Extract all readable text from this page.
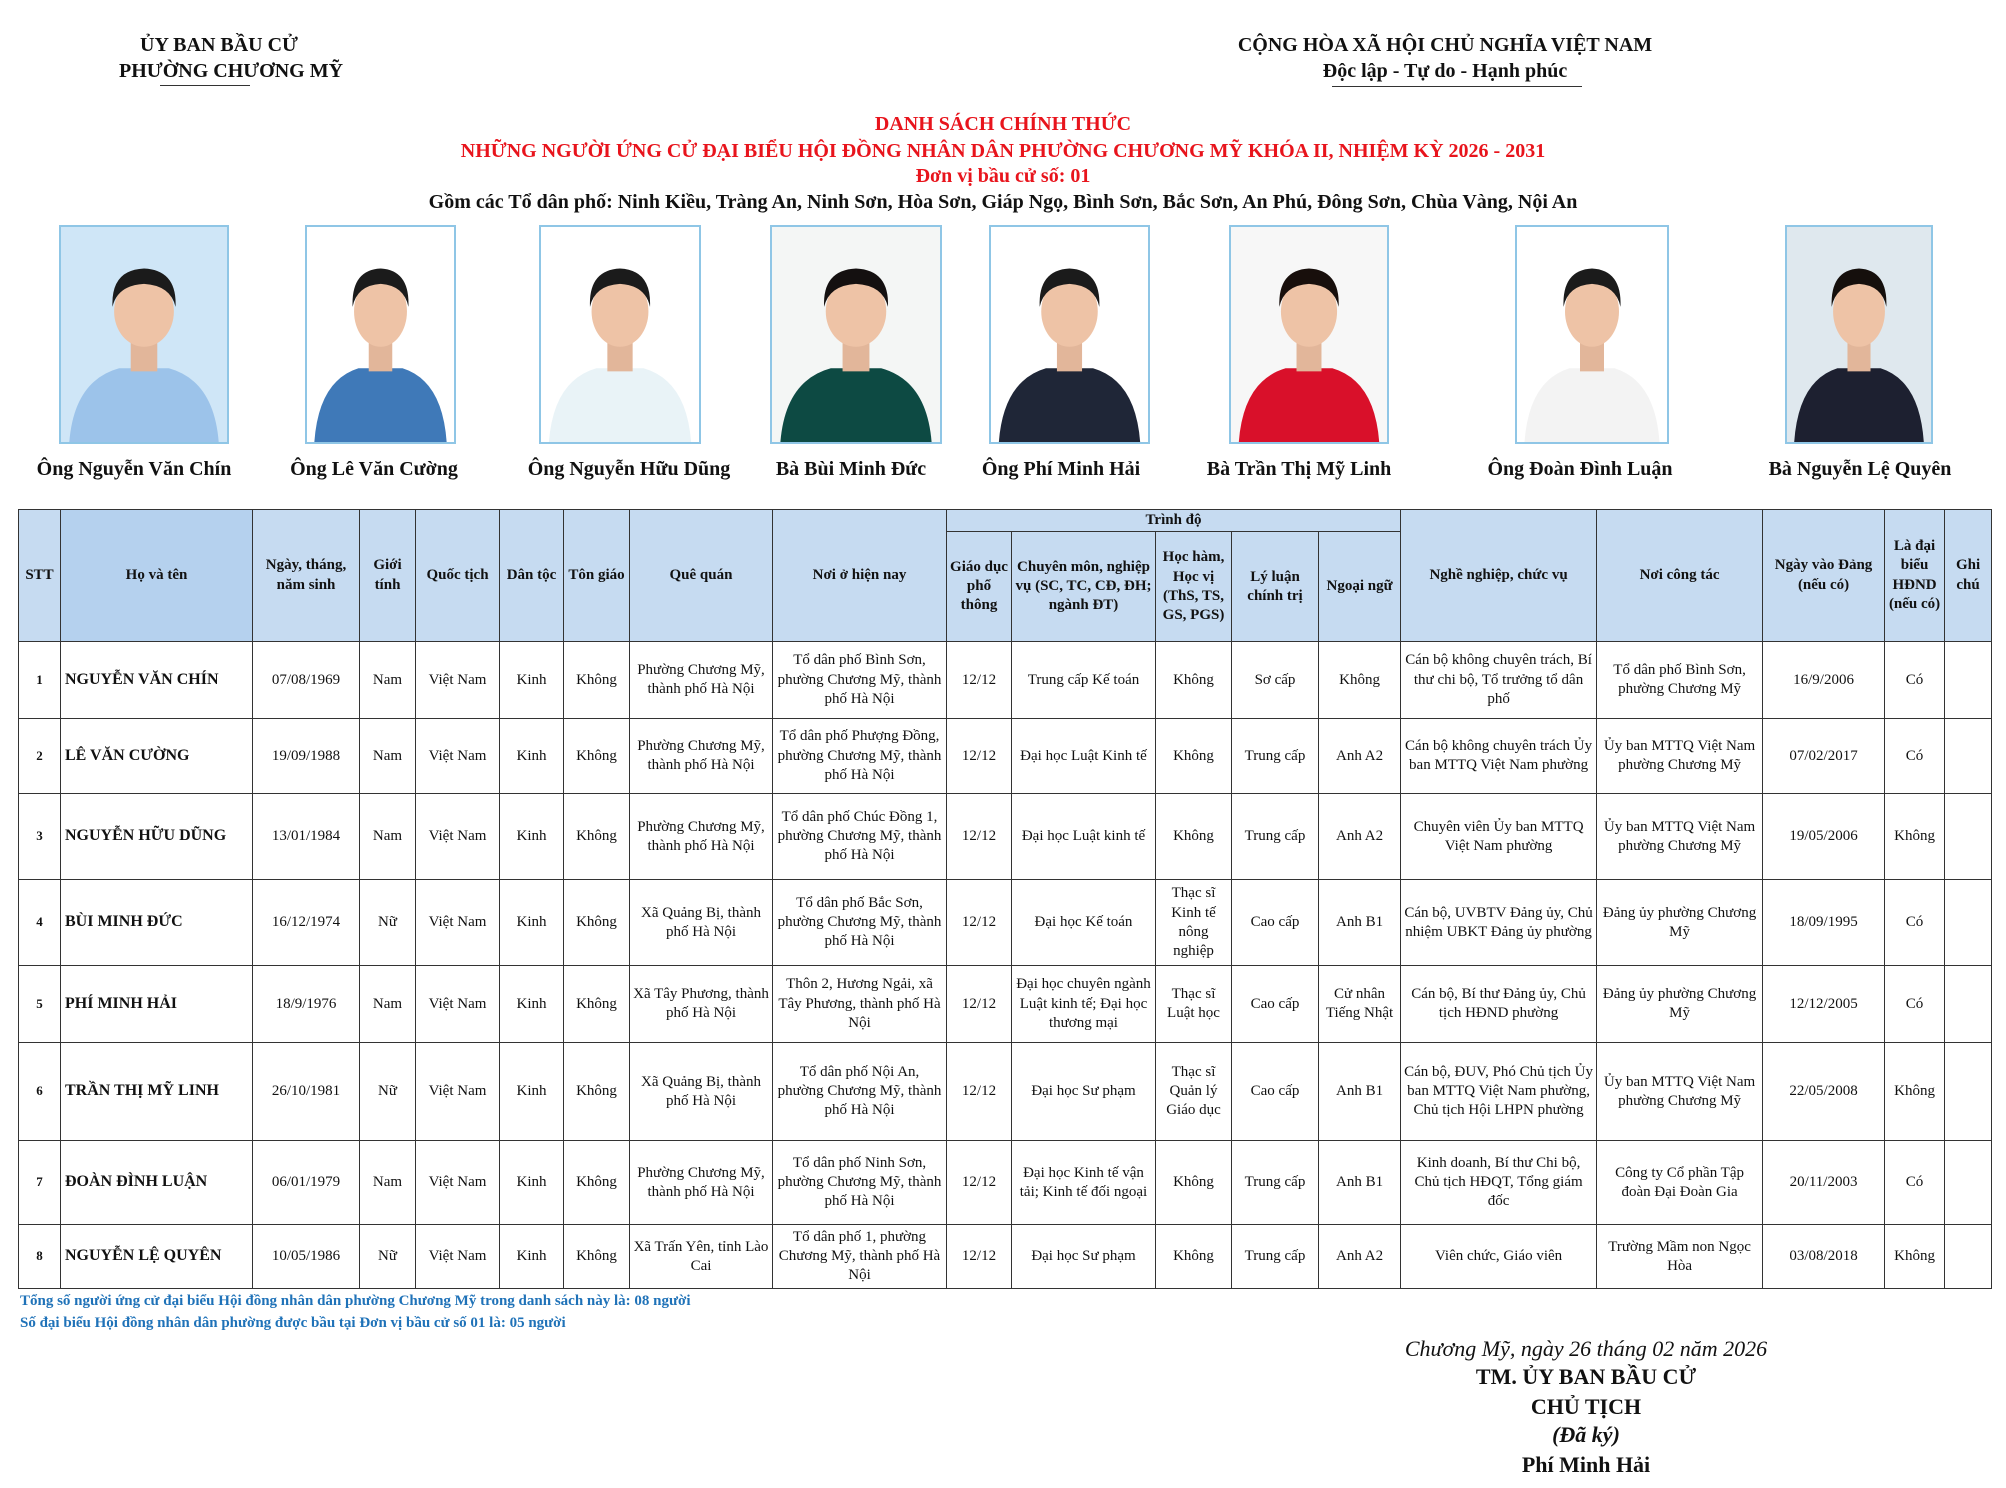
ỦY BAN BẦU CỬ
PHƯỜNG CHƯƠNG MỸ
CỘNG HÒA XÃ HỘI CHỦ NGHĨA VIỆT NAM
Độc lập - Tự do - Hạnh phúc
DANH SÁCH CHÍNH THỨC
NHỮNG NGƯỜI ỨNG CỬ ĐẠI BIỂU HỘI ĐỒNG NHÂN DÂN PHƯỜNG CHƯƠNG MỸ KHÓA II, NHIỆM KỲ 2026 - 2031
Đơn vị bầu cử số: 01
Gồm các Tổ dân phố: Ninh Kiều, Tràng An, Ninh Sơn, Hòa Sơn, Giáp Ngọ, Bình Sơn, Bắc Sơn, An Phú, Đông Sơn, Chùa Vàng, Nội An
Ông Nguyễn Văn Chín	Ông Lê Văn Cường	Ông Nguyễn Hữu Dũng Bà Bùi Minh Đức	Ông Phí Minh Hải	Bà Trần Thị Mỹ Linh	Ông Đoàn Đình Luận	Bà Nguyễn Lệ Quyên
STT	Họ và tên	Ngày, tháng, năm sinh	Giới tính	Quốc tịch	Dân tộc	Tôn giáo	Quê quán	Nơi ở hiện nay	Trình độ					Nghề nghiệp, chức vụ	Nơi công tác	Ngày vào Đảng (nếu có)	Là đại biểu HĐND (nếu có)	Ghi chú
									Giáo dục phổ thông	Chuyên môn, nghiệp vụ (SC, TC, CĐ, ĐH; ngành ĐT)	Học hàm, Học vị (ThS, TS, GS, PGS)	Lý luận chính trị	Ngoại ngữ					
1	NGUYỄN VĂN CHÍN	07/08/1969	Nam	Việt Nam	Kinh	Không	Phường Chương Mỹ, thành phố Hà Nội	Tổ dân phố Bình Sơn, phường Chương Mỹ, thành phố Hà Nội	12/12	Trung cấp Kế toán	Không	Sơ cấp	Không	Cán bộ không chuyên trách, Bí thư chi bộ, Tổ trưởng tổ dân phố	Tổ dân phố Bình Sơn, phường Chương Mỹ	16/9/2006	Có	
2	LÊ VĂN CƯỜNG	19/09/1988	Nam	Việt Nam	Kinh	Không	Phường Chương Mỹ, thành phố Hà Nội	Tổ dân phố Phượng Đồng, phường Chương Mỹ, thành phố Hà Nội	12/12	Đại học Luật Kinh tế	Không	Trung cấp	Anh A2	Cán bộ không chuyên trách Ủy ban MTTQ Việt Nam phường	Ủy ban MTTQ Việt Nam phường Chương Mỹ	07/02/2017	Có	
3	NGUYỄN HỮU DŨNG	13/01/1984	Nam	Việt Nam	Kinh	Không	Phường Chương Mỹ, thành phố Hà Nội	Tổ dân phố Chúc Đồng 1, phường Chương Mỹ, thành phố Hà Nội	12/12	Đại học Luật kinh tế	Không	Trung cấp	Anh A2	Chuyên viên Ủy ban MTTQ Việt Nam phường	Ủy ban MTTQ Việt Nam phường Chương Mỹ	19/05/2006	Không	
4	BÙI MINH ĐỨC	16/12/1974	Nữ	Việt Nam	Kinh	Không	Xã Quảng Bị, thành phố Hà Nội	Tổ dân phố Bắc Sơn, phường Chương Mỹ, thành phố Hà Nội	12/12	Đại học Kế toán	Thạc sĩ Kinh tế nông nghiệp	Cao cấp	Anh B1	Cán bộ, UVBTV Đảng ủy, Chủ nhiệm UBKT Đảng ủy phường	Đảng ủy phường Chương Mỹ	18/09/1995	Có	
5	PHÍ MINH HẢI	18/9/1976	Nam	Việt Nam	Kinh	Không	Xã Tây Phương, thành phố Hà Nội	Thôn 2, Hương Ngải, xã Tây Phương, thành phố Hà Nội	12/12	Đại học chuyên ngành Luật kinh tế; Đại học thương mại	Thạc sĩ Luật học	Cao cấp	Cử nhân Tiếng Nhật	Cán bộ, Bí thư Đảng ủy, Chủ tịch HĐND phường	Đảng ủy phường Chương Mỹ	12/12/2005	Có	
6	TRẦN THỊ MỸ LINH	26/10/1981	Nữ	Việt Nam	Kinh	Không	Xã Quảng Bị, thành phố Hà Nội	Tổ dân phố Nội An, phường Chương Mỹ, thành phố Hà Nội	12/12	Đại học Sư phạm	Thạc sĩ Quản lý Giáo dục	Cao cấp	Anh B1	Cán bộ, ĐUV, Phó Chủ tịch Ủy ban MTTQ Việt Nam phường, Chủ tịch Hội LHPN phường	Ủy ban MTTQ Việt Nam phường Chương Mỹ	22/05/2008	Không	
7	ĐOÀN ĐÌNH LUẬN	06/01/1979	Nam	Việt Nam	Kinh	Không	Phường Chương Mỹ, thành phố Hà Nội	Tổ dân phố Ninh Sơn, phường Chương Mỹ, thành phố Hà Nội	12/12	Đại học Kinh tế vận tải; Kinh tế đối ngoại	Không	Trung cấp	Anh B1	Kinh doanh, Bí thư Chi bộ, Chủ tịch HĐQT, Tổng giám đốc	Công ty Cổ phần Tập đoàn Đại Đoàn Gia	20/11/2003	Có	
8	NGUYỄN LỆ QUYÊN	10/05/1986	Nữ	Việt Nam	Kinh	Không	Xã Trấn Yên, tỉnh Lào Cai	Tổ dân phố 1, phường Chương Mỹ, thành phố Hà Nội	12/12	Đại học Sư phạm	Không	Trung cấp	Anh A2	Viên chức, Giáo viên	Trường Mầm non Ngọc Hòa	03/08/2018	Không	
Tổng số người ứng cử đại biểu Hội đồng nhân dân phường Chương Mỹ trong danh sách này là: 08 người
Số đại biểu Hội đồng nhân dân phường được bầu tại Đơn vị bầu cử số 01 là: 05 người
Chương Mỹ, ngày 26 tháng 02 năm 2026
TM. ỦY BAN BẦU CỬ
CHỦ TỊCH
(Đã ký)
Phí Minh Hải
